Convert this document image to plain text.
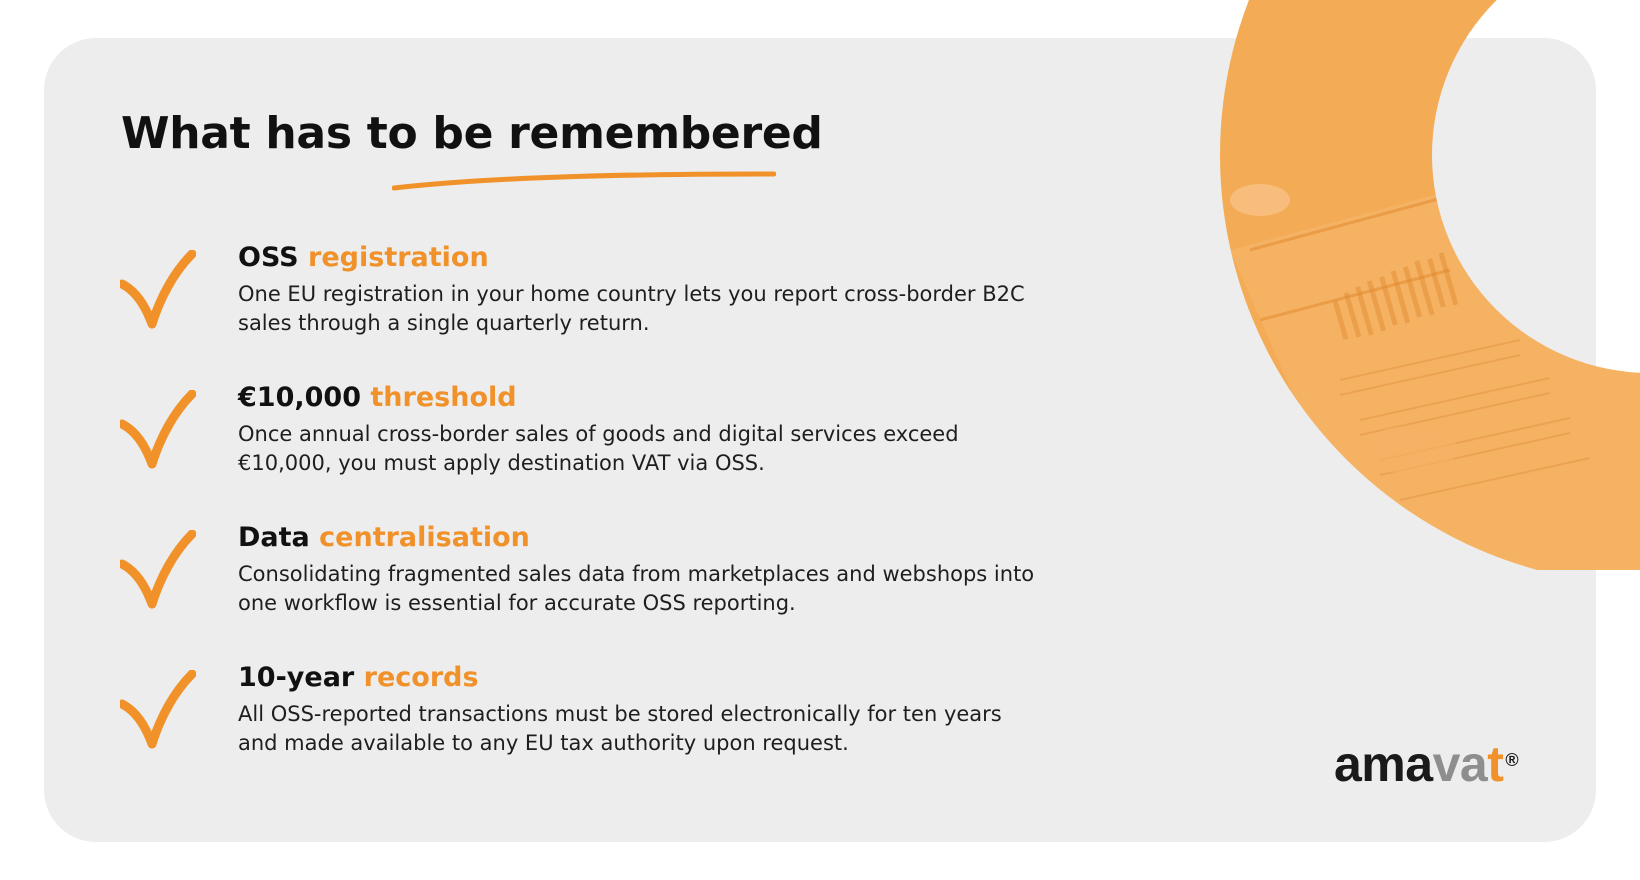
What has to be remembered
OSS registration

One EU registration in your home country lets you report cross-border B2C sales through a single quarterly return.

€10,000 threshold

Once annual cross-border sales of goods and digital services exceed €10,000, you must apply destination VAT via OSS.

Data centralisation

Consolidating fragmented sales data from marketplaces and webshops into one workflow is essential for accurate OSS reporting.

10-year records

All OSS-reported transactions must be stored electronically for ten years and made available to any EU tax authority upon request.	amavat ®
